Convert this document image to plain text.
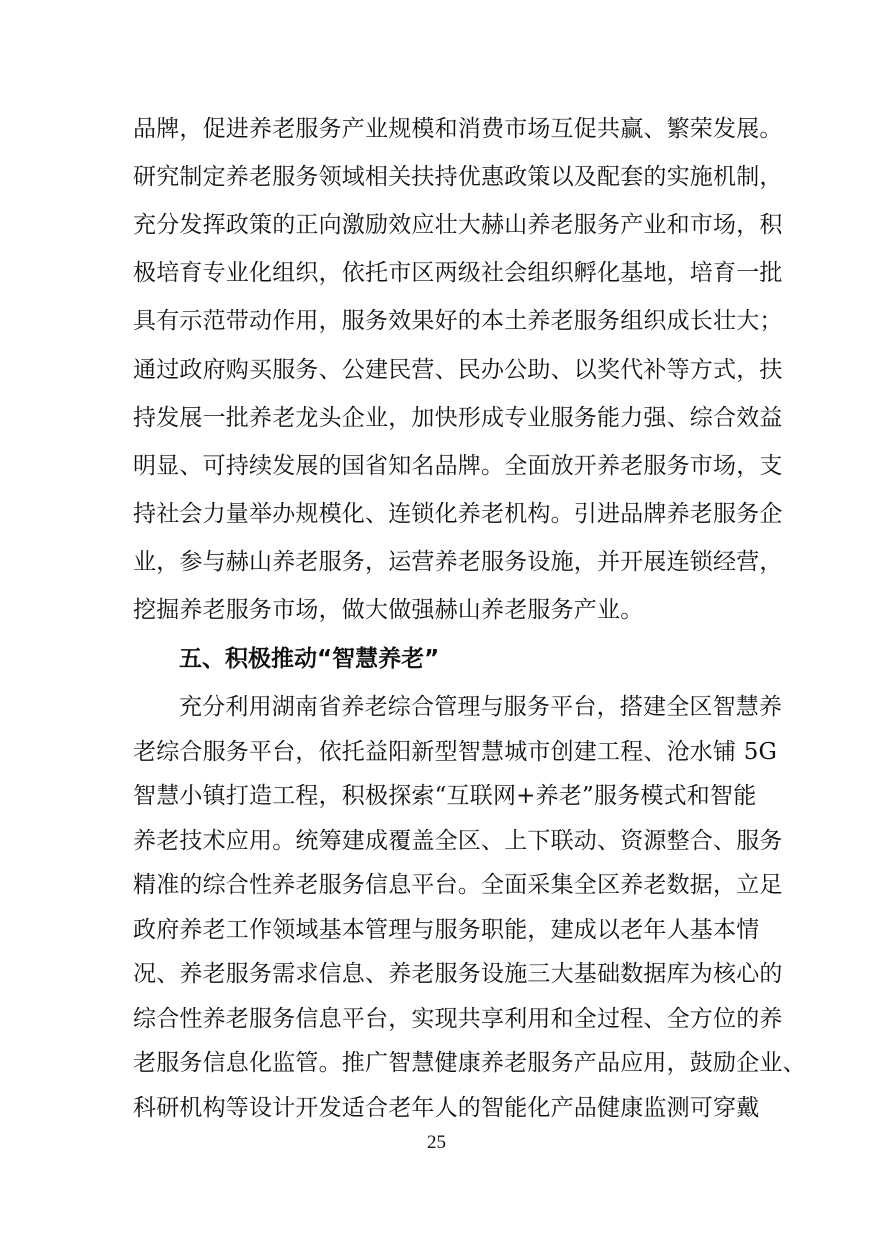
品牌，促进养老服务产业规模和消费市场互促共赢、繁荣发展。
研究制定养老服务领域相关扶持优惠政策以及配套的实施机制，
充分发挥政策的正向激励效应壮大赫山养老服务产业和市场，积
极培育专业化组织，依托市区两级社会组织孵化基地，培育一批
具有示范带动作用，服务效果好的本土养老服务组织成长壮大；
通过政府购买服务、公建民营、民办公助、以奖代补等方式，扶
持发展一批养老龙头企业，加快形成专业服务能力强、综合效益
明显、可持续发展的国省知名品牌。全面放开养老服务市场，支
持社会力量举办规模化、连锁化养老机构。引进品牌养老服务企
业，参与赫山养老服务，运营养老服务设施，并开展连锁经营，
挖掘养老服务市场，做大做强赫山养老服务产业。
五、积极推动“智慧养老”
充分利用湖南省养老综合管理与服务平台，搭建全区智慧养
老综合服务平台，依托益阳新型智慧城市创建工程、沧水铺 5G
智慧小镇打造工程，积极探索“互联网+养老”服务模式和智能
养老技术应用。统筹建成覆盖全区、上下联动、资源整合、服务
精准的综合性养老服务信息平台。全面采集全区养老数据，立足
政府养老工作领域基本管理与服务职能，建成以老年人基本情
况、养老服务需求信息、养老服务设施三大基础数据库为核心的
综合性养老服务信息平台，实现共享利用和全过程、全方位的养
老服务信息化监管。推广智慧健康养老服务产品应用，鼓励企业、
科研机构等设计开发适合老年人的智能化产品健康监测可穿戴
25
